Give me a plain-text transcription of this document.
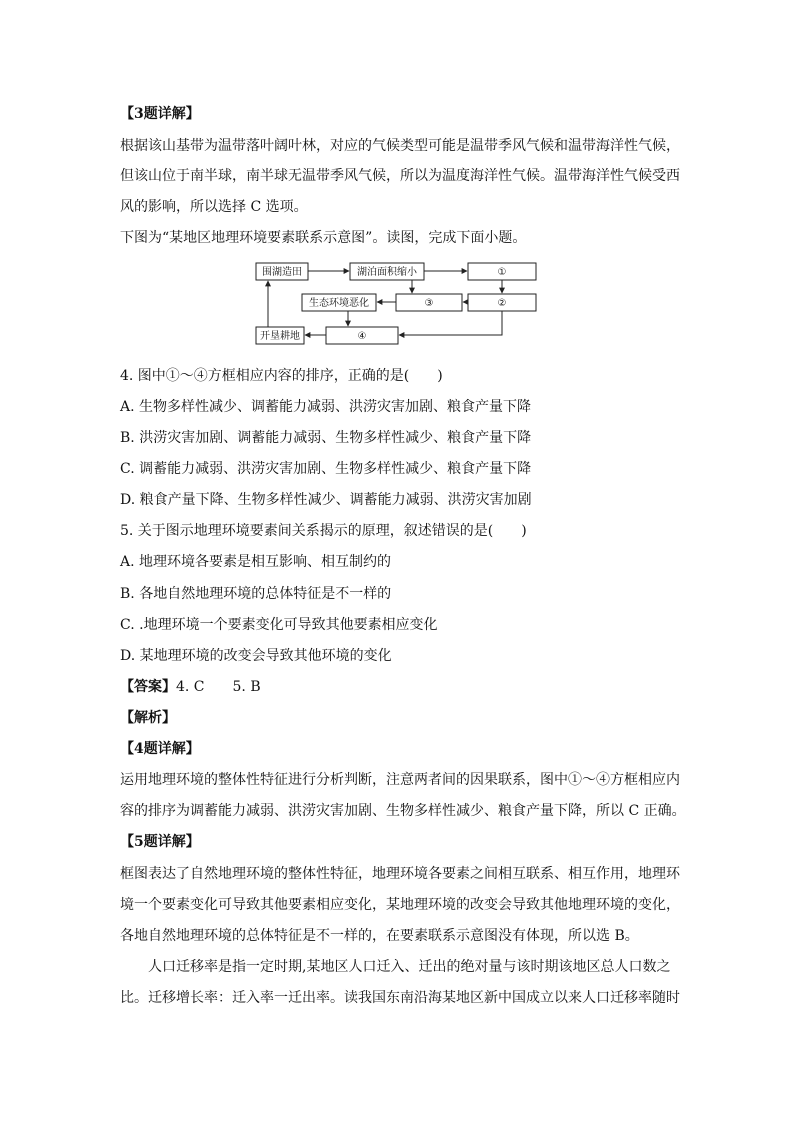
【3题详解】
根据该山基带为温带落叶阔叶林，对应的气候类型可能是温带季风气候和温带海洋性气候，
但该山位于南半球，南半球无温带季风气候，所以为温度海洋性气候。温带海洋性气候受西
风的影响，所以选择 C 选项。
下图为“某地区地理环境要素联系示意图”。读图，完成下面小题。
围湖造田	湖泊面积缩小	①
生态环境恶化	③	②
开垦耕地	④
4. 图中①～④方框相应内容的排序，正确的是(　　)
A. 生物多样性减少、调蓄能力减弱、洪涝灾害加剧、粮食产量下降
B. 洪涝灾害加剧、调蓄能力减弱、生物多样性减少、粮食产量下降
C. 调蓄能力减弱、洪涝灾害加剧、生物多样性减少、粮食产量下降
D. 粮食产量下降、生物多样性减少、调蓄能力减弱、洪涝灾害加剧
5. 关于图示地理环境要素间关系揭示的原理，叙述错误的是(　　)
A. 地理环境各要素是相互影响、相互制约的
B. 各地自然地理环境的总体特征是不一样的
C. .地理环境一个要素变化可导致其他要素相应变化
D. 某地理环境的改变会导致其他环境的变化
【答案】4. C　　5. B
【解析】
【4题详解】
运用地理环境的整体性特征进行分析判断，注意两者间的因果联系，图中①～④方框相应内
容的排序为调蓄能力减弱、洪涝灾害加剧、生物多样性减少、粮食产量下降，所以 C 正确。
【5题详解】
框图表达了自然地理环境的整体性特征，地理环境各要素之间相互联系、相互作用，地理环
境一个要素变化可导致其他要素相应变化，某地理环境的改变会导致其他地理环境的变化，
各地自然地理环境的总体特征是不一样的，在要素联系示意图没有体现，所以选 B。
人口迁移率是指一定时期,某地区人口迁入、迁出的绝对量与该时期该地区总人口数之
比。迁移增长率：迁入率一迁出率。读我国东南沿海某地区新中国成立以来人口迁移率随时
